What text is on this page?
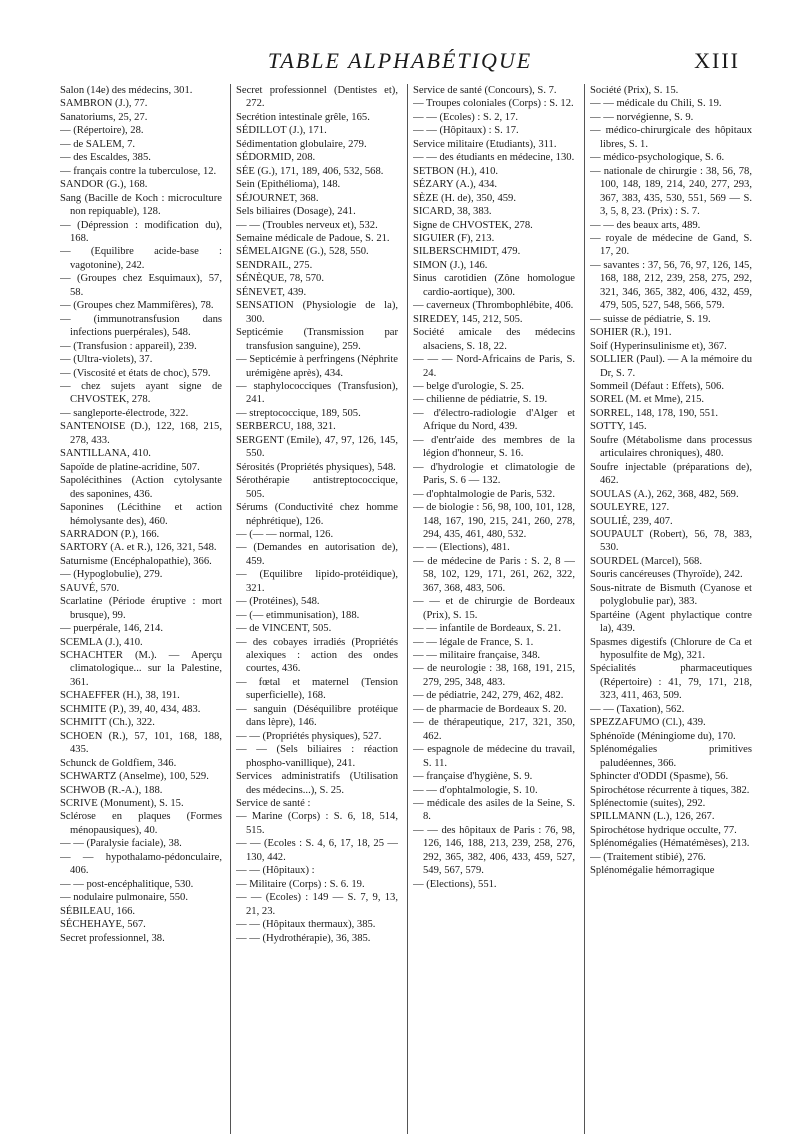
TABLE ALPHABÉTIQUE	XIII
Salon (14e) des médecins, 301.
SAMBRON (J.), 77.
Sanatoriums, 25, 27.
— (Répertoire), 28.
— de SALEM, 7.
— des Escaldes, 385.
— français contre la tuberculose, 12.
SANDOR (G.), 168.
Sang (Bacille de Koch : microculture non repiquable), 128.
— (Dépression : modification du), 168.
— (Equilibre acide-base : vagotonine), 242.
— (Groupes chez Esquimaux), 57, 58.
— (Groupes chez Mammifères), 78.
— (immunotransfusion dans infections puerpérales), 548.
— (Transfusion : appareil), 239.
— (Ultra-violets), 37.
— (Viscosité et états de choc), 579.
— chez sujets ayant signe de CHVOSTEK, 278.
— sangleporte-électrode, 322.
SANTENOISE (D.), 122, 168, 215, 278, 433.
SANTILLANA, 410.
Sapoïde de platine-acridine, 507.
Sapolécithines (Action cytolysante des saponines, 436.
Saponines (Lécithine et action hémolysante des), 460.
SARRADON (P.), 166.
SARTORY (A. et R.), 126, 321, 548.
Saturnisme (Encéphalopathie), 366.
— (Hypoglobulie), 279.
SAUVÉ, 570.
Scarlatine (Période éruptive : mort brusque), 99.
— puerpérale, 146, 214.
SCEMLA (J.), 410.
SCHACHTER (M.). — Aperçu climatologique... sur la Palestine, 361.
SCHAEFFER (H.), 38, 191.
SCHMITE (P.), 39, 40, 434, 483.
SCHMITT (Ch.), 322.
SCHOEN (R.), 57, 101, 168, 188, 435.
Schunck de Goldfiem, 346.
SCHWARTZ (Anselme), 100, 529.
SCHWOB (R.-A.), 188.
SCRIVE (Monument), S. 15.
Sclérose en plaques (Formes ménopausiques), 40.
— — (Paralysie faciale), 38.
— — hypothalamo-pédonculaire, 406.
— — post-encéphalitique, 530.
— nodulaire pulmonaire, 550.
SÉBILEAU, 166.
SÉCHEHAYE, 567.
Secret professionnel, 38.
Secret professionnel (Dentistes et), 272.
Secrétion intestinale grêle, 165.
SÉDILLOT (J.), 171.
Sédimentation globulaire, 279.
SÉDORMID, 208.
SÉE (G.), 171, 189, 406, 532, 568.
Sein (Epithélioma), 148.
SÉJOURNET, 368.
Sels biliaires (Dosage), 241.
— — (Troubles nerveux et), 532.
Semaine médicale de Padoue, S. 21.
SÉMELAIGNE (G.), 528, 550.
SENDRAIL, 275.
SÉNÈQUE, 78, 570.
SÉNEVET, 439.
SENSATION (Physiologie de la), 300.
Septicémie (Transmission par transfusion sanguine), 259.
— Septicémie à perfringens (Néphrite urémigène après), 434.
— staphylococciques (Transfusion), 241.
— streptococcique, 189, 505.
SERBERCU, 188, 321.
SERGENT (Emile), 47, 97, 126, 145, 550.
Sérosités (Propriétés physiques), 548.
Sérothérapie antistreptococcique, 505.
Sérums (Conductivité chez homme néphrétique), 126.
— (— — normal, 126.
— (Demandes en autorisation de), 459.
— (Equilibre lipido-protéidique), 321.
— (Protéines), 548.
— (— etimmunisation), 188.
— de VINCENT, 505.
— des cobayes irradiés (Propriétés alexiques : action des ondes courtes, 436.
— fœtal et maternel (Tension superficielle), 168.
— sanguin (Déséquilibre protéique dans lèpre), 146.
— — (Propriétés physiques), 527.
— — (Sels biliaires : réaction phospho-vanillique), 241.
Services administratifs (Utilisation des médecins...), S. 25.
Service de santé :
— Marine (Corps) : S. 6, 18, 514, 515.
— — (Ecoles : S. 4, 6, 17, 18, 25 — 130, 442.
— — (Hôpitaux) :
— Militaire (Corps) : S. 6. 19.
— — (Ecoles) : 149 — S. 7, 9, 13, 21, 23.
— — (Hôpitaux thermaux), 385.
— — (Hydrothérapie), 36, 385.
Service de santé (Concours), S. 7.
— Troupes coloniales (Corps) : S. 12.
— — (Ecoles) : S. 2, 17.
— — (Hôpitaux) : S. 17.
Service militaire (Etudiants), 311.
— — des étudiants en médecine, 130.
SETBON (H.), 410.
SÉZARY (A.), 434.
SÈZE (H. de), 350, 459.
SICARD, 38, 383.
Signe de CHVOSTEK, 278.
SIGUIER (F), 213.
SILBERSCHMIDT, 479.
SIMON (J.), 146.
Sinus carotidien (Zône homologue cardio-aortique), 300.
— caverneux (Thrombophlébite, 406.
SIREDEY, 145, 212, 505.
Société amicale des médecins alsaciens, S. 18, 22.
— — — Nord-Africains de Paris, S. 24.
— belge d'urologie, S. 25.
— chilienne de pédiatrie, S. 19.
— d'électro-radiologie d'Alger et Afrique du Nord, 439.
— d'entr'aide des membres de la légion d'honneur, S. 16.
— d'hydrologie et climatologie de Paris, S. 6 — 132.
— d'ophtalmologie de Paris, 532.
— de biologie : 56, 98, 100, 101, 128, 148, 167, 190, 215, 241, 260, 278, 294, 435, 461, 480, 532.
— — (Elections), 481.
— de médecine de Paris : S. 2, 8 — 58, 102, 129, 171, 261, 262, 322, 367, 368, 483, 506.
— — et de chirurgie de Bordeaux (Prix), S. 15.
— — infantile de Bordeaux, S. 21.
— — légale de France, S. 1.
— — militaire française, 348.
— de neurologie : 38, 168, 191, 215, 279, 295, 348, 483.
— de pédiatrie, 242, 279, 462, 482.
— de pharmacie de Bordeaux S. 20.
— de thérapeutique, 217, 321, 350, 462.
— espagnole de médecine du travail, S. 11.
— française d'hygiène, S. 9.
— — d'ophtalmologie, S. 10.
— médicale des asiles de la Seine, S. 8.
— — des hôpitaux de Paris : 76, 98, 126, 146, 188, 213, 239, 258, 276, 292, 365, 382, 406, 433, 459, 527, 549, 567, 579.
— (Elections), 551.
Société (Prix), S. 15.
— — médicale du Chili, S. 19.
— — norvégienne, S. 9.
— médico-chirurgicale des hôpitaux libres, S. 1.
— médico-psychologique, S. 6.
— nationale de chirurgie : 38, 56, 78, 100, 148, 189, 214, 240, 277, 293, 367, 383, 435, 530, 551, 569 — S. 3, 5, 8, 23. (Prix) : S. 7.
— — des beaux arts, 489.
— royale de médecine de Gand, S. 17, 20.
— savantes : 37, 56, 76, 97, 126, 145, 168, 188, 212, 239, 258, 275, 292, 321, 346, 365, 382, 406, 432, 459, 479, 505, 527, 548, 566, 579.
— suisse de pédiatrie, S. 19.
SOHIER (R.), 191.
Soif (Hyperinsulinisme et), 367.
SOLLIER (Paul). — A la mémoire du Dr, S. 7.
Sommeil (Défaut : Effets), 506.
SOREL (M. et Mme), 215.
SORREL, 148, 178, 190, 551.
SOTTY, 145.
Soufre (Métabolisme dans processus articulaires chroniques), 480.
Soufre injectable (préparations de), 462.
SOULAS (A.), 262, 368, 482, 569.
SOULEYRE, 127.
SOULIÉ, 239, 407.
SOUPAULT (Robert), 56, 78, 383, 530.
SOURDEL (Marcel), 568.
Souris cancéreuses (Thyroïde), 242.
Sous-nitrate de Bismuth (Cyanose et polyglobulie par), 383.
Spartéine (Agent phylactique contre la), 439.
Spasmes digestifs (Chlorure de Ca et hyposulfite de Mg), 321.
Spécialités pharmaceutiques (Répertoire) : 41, 79, 171, 218, 323, 411, 463, 509.
— — (Taxation), 562.
SPEZZAFUMO (Cl.), 439.
Sphénoïde (Méningiome du), 170.
Splénomégalies primitives paludéennes, 366.
Sphincter d'ODDI (Spasme), 56.
Spirochétose récurrente à tiques, 382.
Splénectomie (suites), 292.
SPILLMANN (L.), 126, 267.
Spirochétose hydrique occulte, 77.
Splénomégalies (Hématémèses), 213.
— (Traitement stibié), 276.
Splénomégalie hémorragique
